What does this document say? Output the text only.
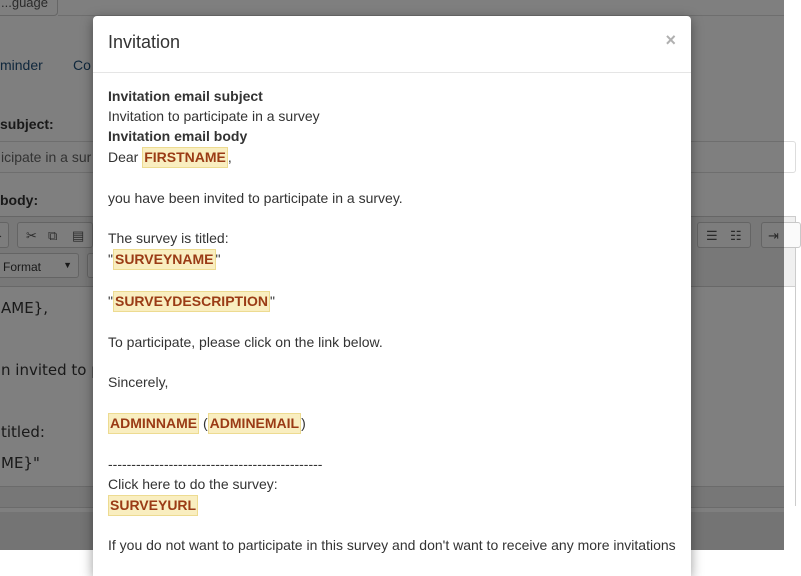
Invitation	×
Invitation email subject
Invitation to participate in a survey
Invitation email body
Dear FIRSTNAME ,
you have been invited to participate in a survey.
The survey is titled:
" SURVEYNAME "
" SURVEYDESCRIPTION "
To participate, please click on the link below.
Sincerely,
ADMINNAME ( ADMINEMAIL )
----------------------------------------------
Click here to do the survey:
SURVEYURL
If you do not want to participate in this survey and don't want to receive any more invitations
